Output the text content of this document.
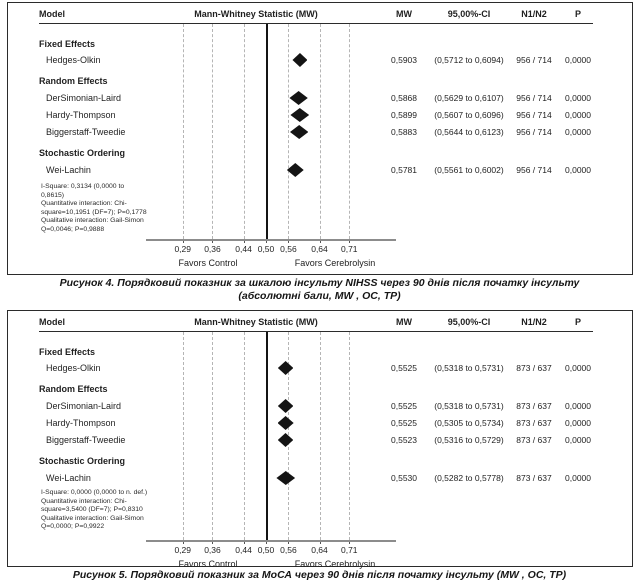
Model	Mann-Whitney Statistic (MW)	MW	95,00%-CI	N1/N2	P
0,29	0,36	0,44 0,50 0,56	0,64	0,71
Favors Control	Favors Cerebrolysin
Fixed Effects
Hedges-Olkin	0,5903	(0,5712 to 0,6094)	956 / 714	0,0000
Random Effects
DerSimonian-Laird	0,5868	(0,5629 to 0,6107)	956 / 714	0,0000
Hardy-Thompson	0,5899	(0,5607 to 0,6096)	956 / 714	0,0000
Biggerstaff-Tweedie	0,5883	(0,5644 to 0,6123)	956 / 714	0,0000
Stochastic Ordering
Wei-Lachin	0,5781	(0,5561 to 0,6002)	956 / 714	0,0000
I-Square: 0,3134 (0,0000 to
0,8615)
Quantitative interaction: Chi-
square=10,1951 (DF=7); P=0,1778
Qualitative interaction: Gail-Simon
Q=0,0046; P=0,9888
Рисунок 4. Порядковий показник за шкалою інсульту NIHSS через 90 днів після початку інсульту
(абсолютні бали, MW , ОС, ТР)
Model	Mann-Whitney Statistic (MW)	MW	95,00%-CI	N1/N2	P
0,29	0,36	0,44 0,50 0,56	0,64	0,71
Favors Control	Favors Cerebrolysin
Fixed Effects
Hedges-Olkin	0,5525	(0,5318 to 0,5731)	873 / 637	0,0000
Random Effects
DerSimonian-Laird	0,5525	(0,5318 to 0,5731)	873 / 637	0,0000
Hardy-Thompson	0,5525	(0,5305 to 0,5734)	873 / 637	0,0000
Biggerstaff-Tweedie	0,5523	(0,5316 to 0,5729)	873 / 637	0,0000
Stochastic Ordering
Wei-Lachin	0,5530	(0,5282 to 0,5778)	873 / 637	0,0000
I-Square: 0,0000 (0,0000 to n. def.)
Quantitative interaction: Chi-
square=3,5400 (DF=7); P=0,8310
Qualitative interaction: Gail-Simon
Q=0,0000; P=0,9922
Рисунок 5. Порядковий показник за МоСА через 90 днів після початку інсульту (MW , ОС, ТР)
